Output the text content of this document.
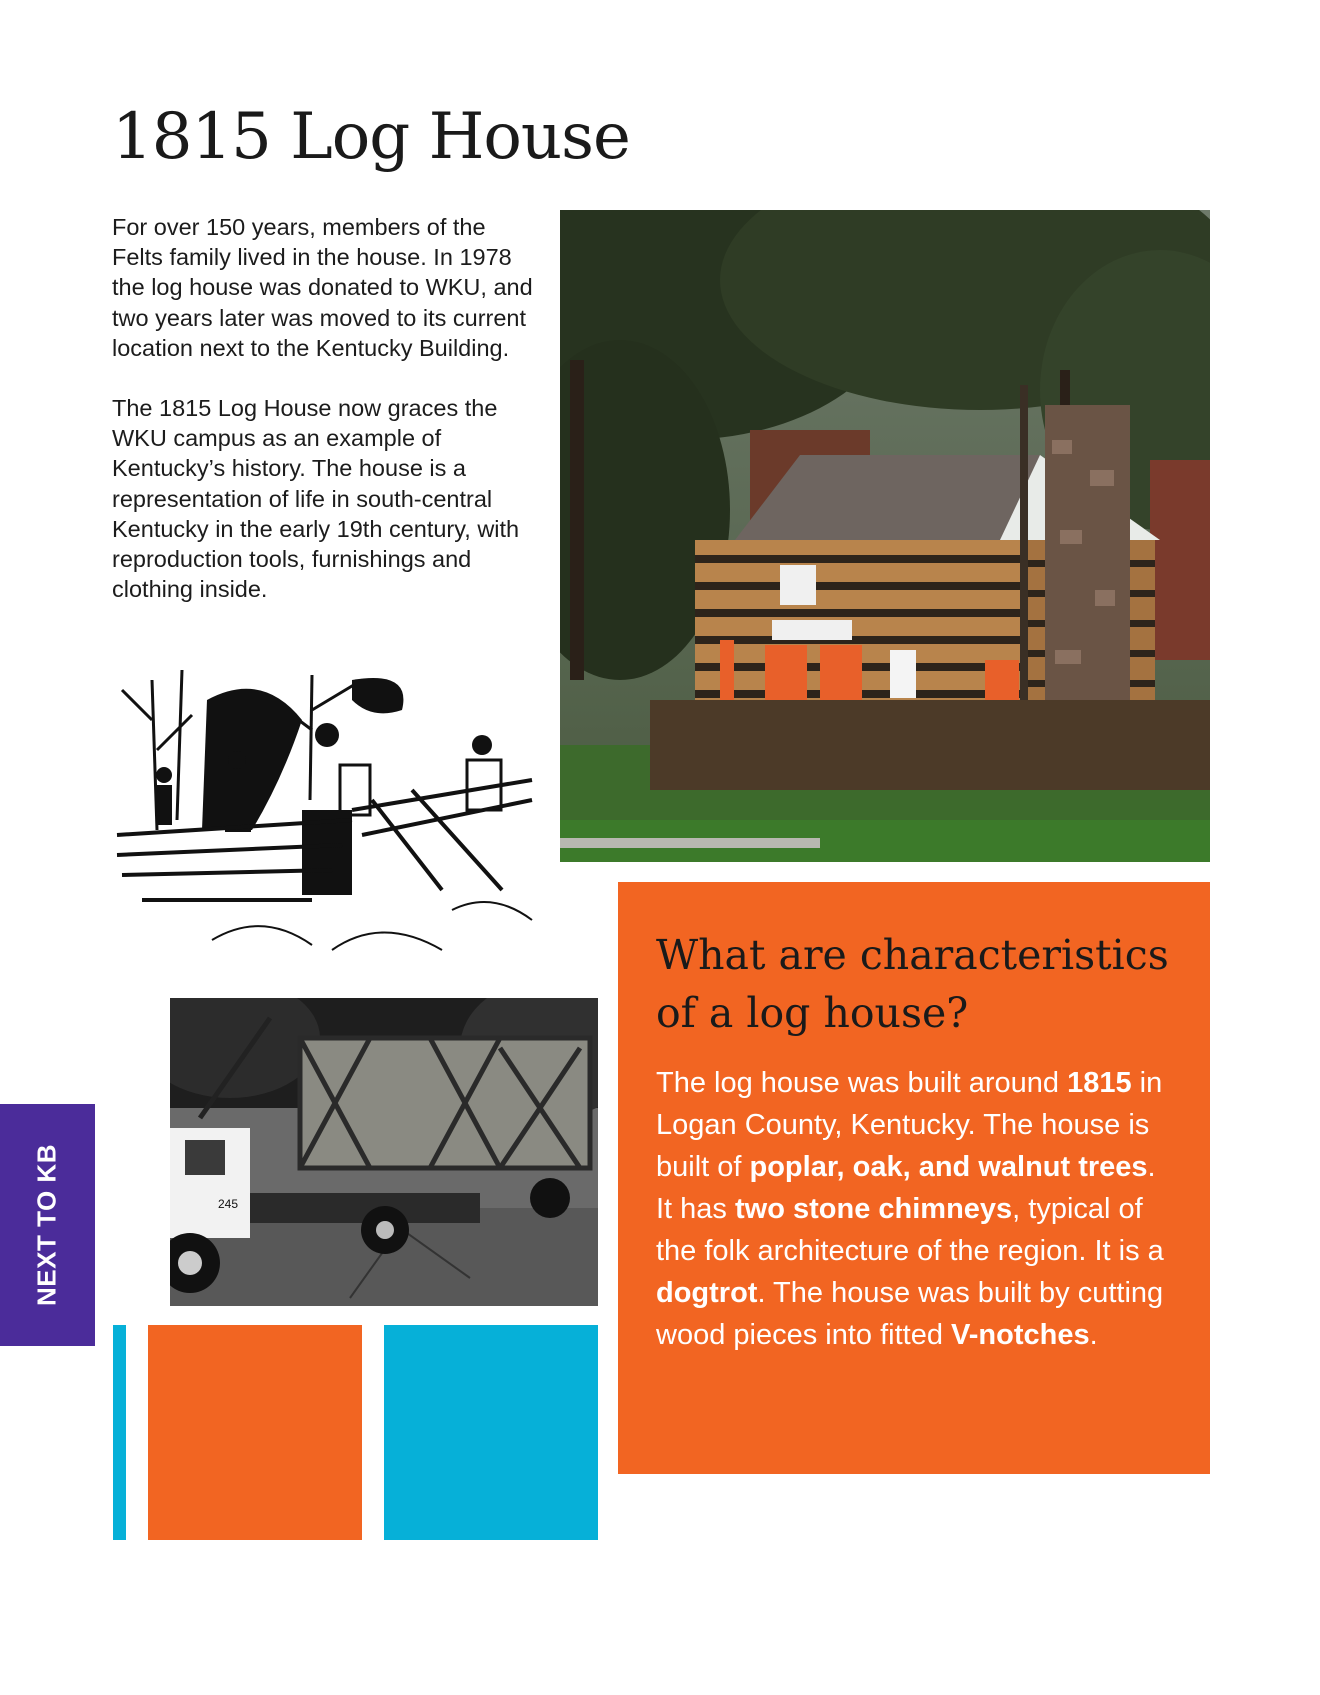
1815 Log House

For over 150 years, members of the Felts family lived in the house. In 1978 the log house was donated to WKU, and two years later was moved to its current location next to the Kentucky Building.

The 1815 Log House now graces the WKU campus as an example of Kentucky’s history. The house is a representation of life in south-central Kentucky in the early 19th century, with reproduction tools, furnishings and clothing inside.

245
NEXT TO KB
What are characteristics
of a log house?

The log house was built around 1815 in Logan County, Kentucky. The house is built of poplar, oak, and walnut trees. It has two stone chimneys, typical of the folk architecture of the region. It is a dogtrot. The house was built by cutting wood pieces into fitted V-notches.
